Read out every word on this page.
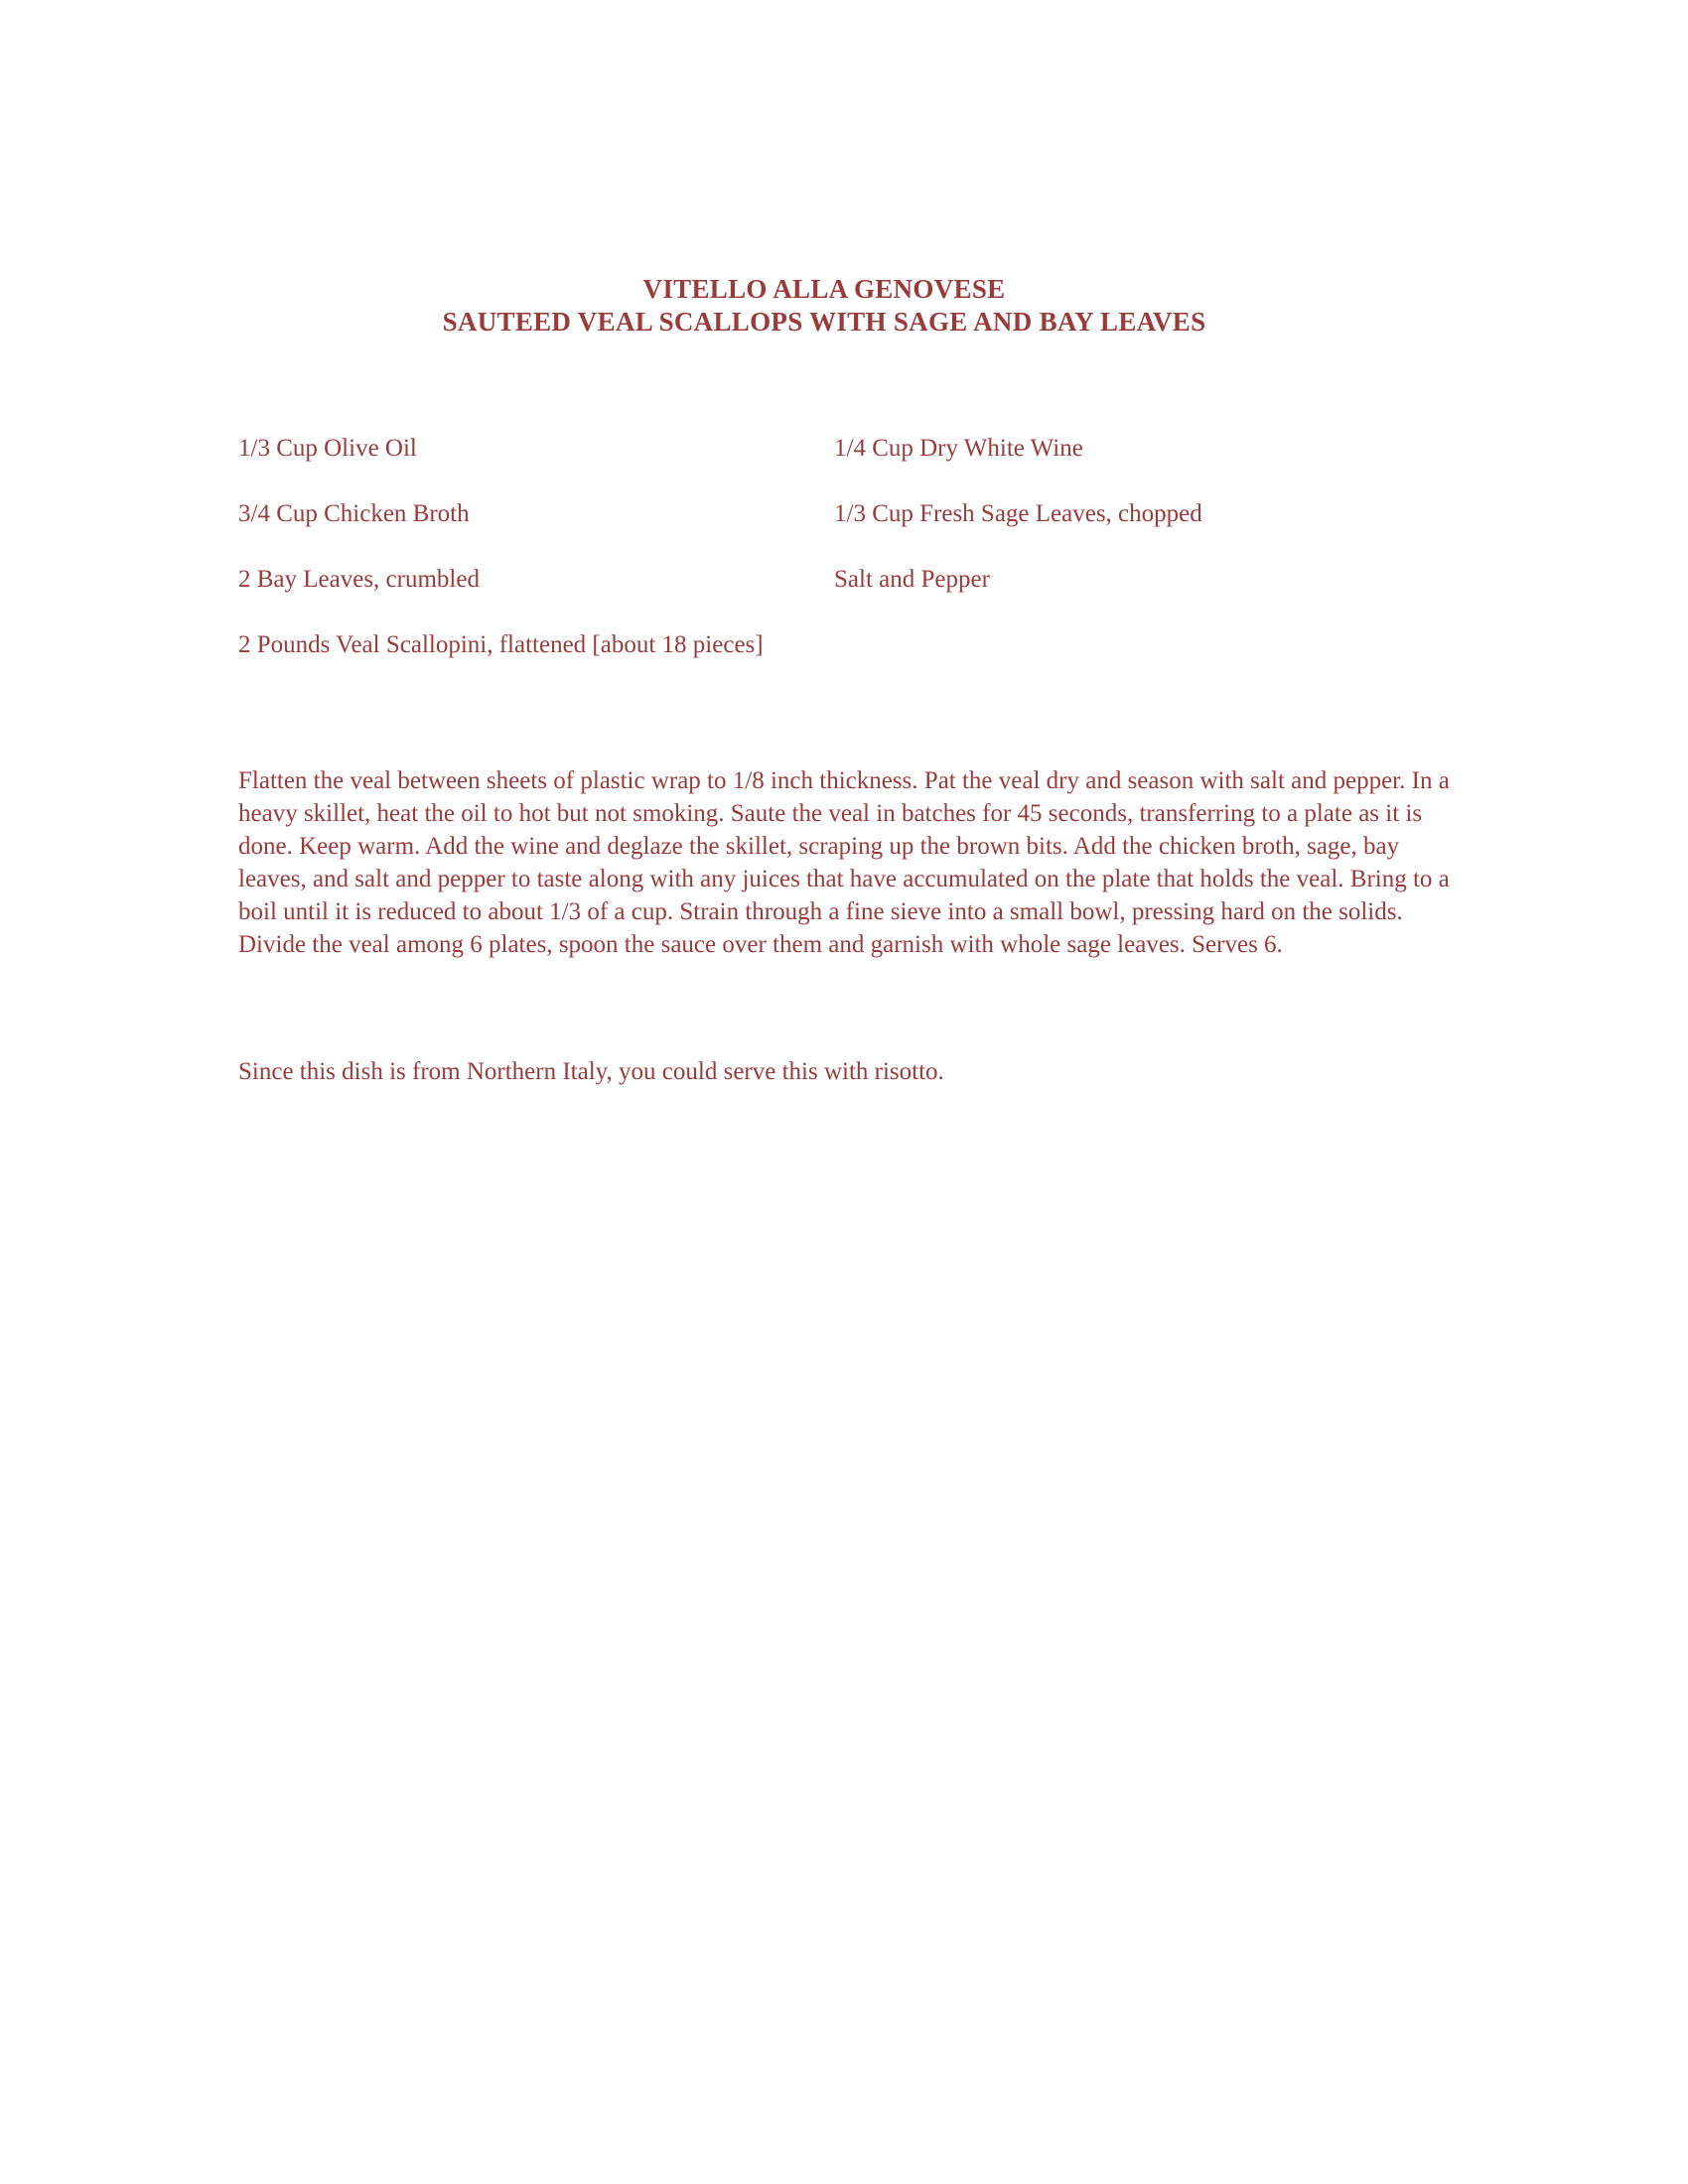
VITELLO ALLA GENOVESE
SAUTEED VEAL SCALLOPS WITH SAGE AND BAY LEAVES
1/3 Cup Olive Oil	1/4 Cup Dry White Wine
3/4 Cup Chicken Broth	1/3 Cup Fresh Sage Leaves, chopped
2 Bay Leaves, crumbled	Salt and Pepper
2 Pounds Veal Scallopini, flattened [about 18 pieces]

Flatten the veal between sheets of plastic wrap to 1/8 inch thickness. Pat the veal dry and season with salt and pepper. In a heavy skillet, heat the oil to hot but not smoking. Saute the veal in batches for 45 seconds, transferring to a plate as it is done. Keep warm. Add the wine and deglaze the skillet, scraping up the brown bits. Add the chicken broth, sage, bay leaves, and salt and pepper to taste along with any juices that have accumulated on the plate that holds the veal. Bring to a boil until it is reduced to about 1/3 of a cup. Strain through a fine sieve into a small bowl, pressing hard on the solids. Divide the veal among 6 plates, spoon the sauce over them and garnish with whole sage leaves. Serves 6.

Since this dish is from Northern Italy, you could serve this with risotto.
